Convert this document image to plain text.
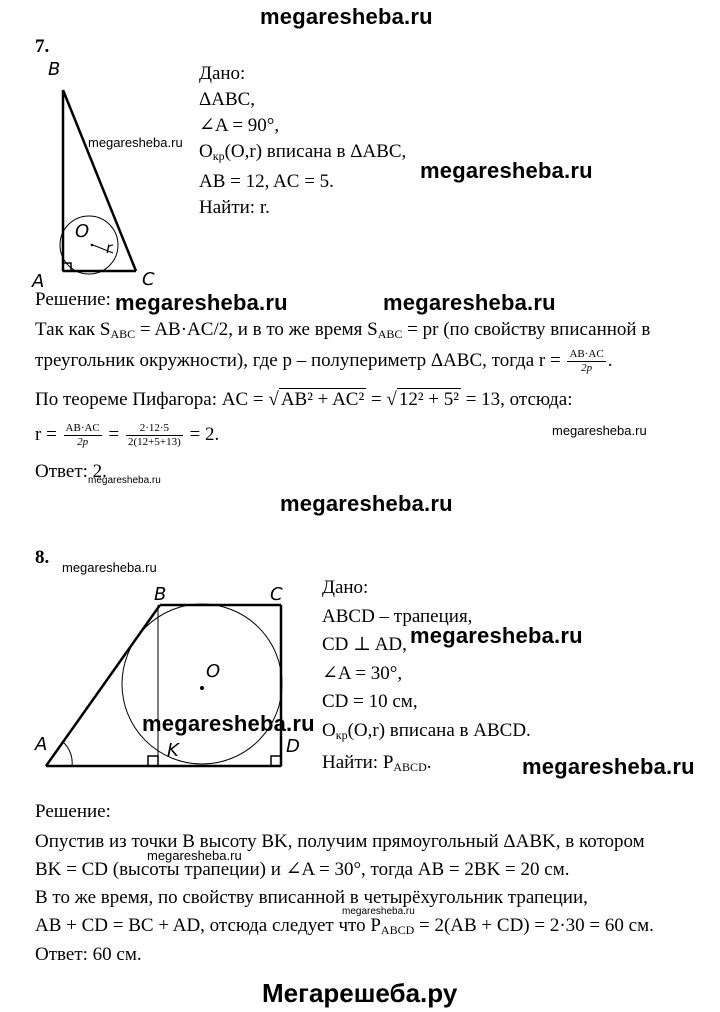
megaresheba.ru
7.
B
A	C
O
r
Дано:
ΔABC,
∠A = 90°,
$O_{кр}(O,r)$ вписана в ΔABC,
AB = 12, AC = 5.
Найти: r.
megaresheba.ru
megaresheba.ru
Решение: megaresheba.ru	megaresheba.ru
Так как $S_{ABC} = AB\cdot AC/2$, и в то же время $S_{ABC}$ = pr (по свойству вписанной в
треугольник окружности), где p – полупериметр ΔABC, тогда $r = \frac{AB\cdot AC}{2p}$ .
По теореме Пифагора: AC = √ AB² + AC² = √ 12² + 5² = 13, отсюда:
megaresheba.ru
$r = \frac{AB\cdot AC}{2p} = \frac{2\cdot 12\cdot 5}{2(12+5+13)} = 2$.
Ответ: 2.
megaresheba.ru
megaresheba.ru
8. megaresheba.ru
B	C
A	D
K
O
Дано:
ABCD – трапеция,
CD ⊥ AD,
∠A = 30°,
CD = 10 см,
$O_{кр}(O,r)$ вписана в ABCD.
Найти: $P_{ABCD}$.
megaresheba.ru
megaresheba.ru
megaresheba.ru
Решение:
Опустив из точки B высоту BK, получим прямоугольный ΔABK, в котором
megaresheba.ru
BK = CD (высоты трапеции) и ∠A = 30°, тогда AB = 2BK = 20 см.
В то же время, по свойству вписанной в четырёхугольник трапеции,
megaresheba.ru
AB + CD = BC + AD, отсюда следует что $P_{ABCD} = 2(AB + CD) = 2\cdot 30 = 60$ см.
Ответ: 60 см.
Мегарешеба.ру
